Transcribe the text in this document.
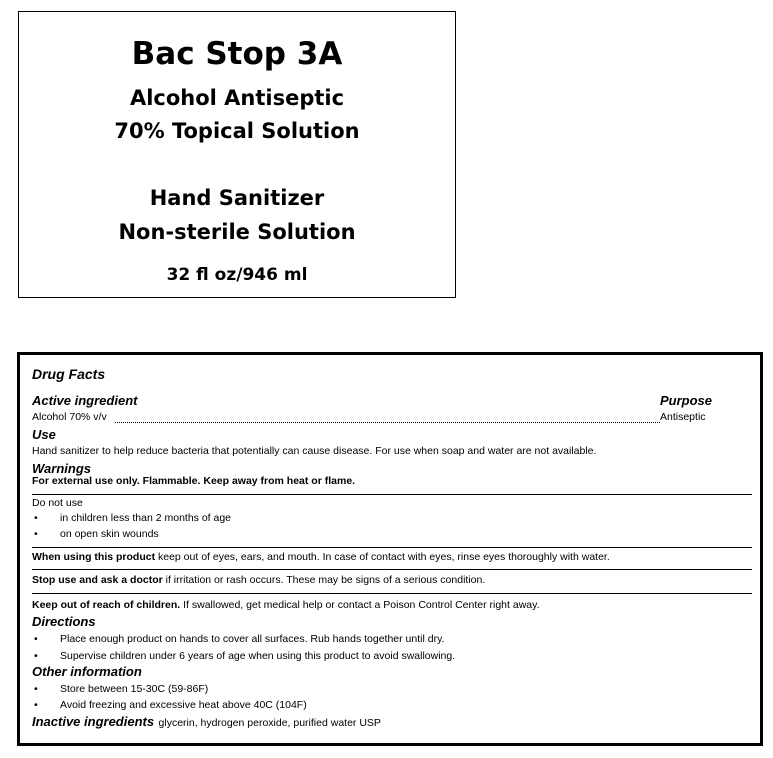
Bac Stop 3A
Alcohol Antiseptic
70% Topical Solution
Hand Sanitizer
Non-sterile Solution
32 fl oz/946 ml
Drug Facts
Active ingredient	Purpose
Alcohol 70% v/v	Antiseptic
Use
Hand sanitizer to help reduce bacteria that potentially can cause disease. For use when soap and water are not available.
Warnings
For external use only. Flammable. Keep away from heat or flame.
Do not use
• in children less than 2 months of age
• on open skin wounds
When using this product keep out of eyes, ears, and mouth. In case of contact with eyes, rinse eyes thoroughly with water.
Stop use and ask a doctor if irritation or rash occurs. These may be signs of a serious condition.
Keep out of reach of children. If swallowed, get medical help or contact a Poison Control Center right away.
Directions
• Place enough product on hands to cover all surfaces. Rub hands together until dry.
• Supervise children under 6 years of age when using this product to avoid swallowing.
Other information
• Store between 15-30C (59-86F)
• Avoid freezing and excessive heat above 40C (104F)
Inactive ingredients glycerin, hydrogen peroxide, purified water USP
